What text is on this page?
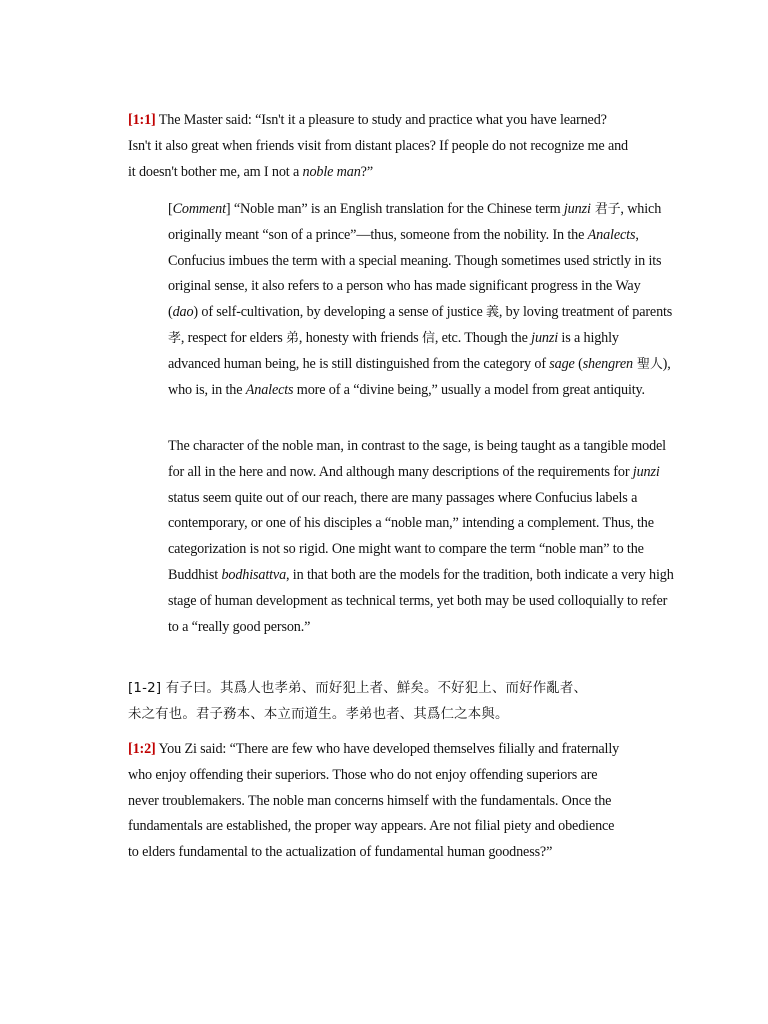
[1:1] The Master said: “Isn't it a pleasure to study and practice what you have learned? Isn't it also great when friends visit from distant places? If people do not recognize me and it doesn't bother me, am I not a noble man?”

[Comment] “Noble man” is an English translation for the Chinese term junzi 君子, which originally meant “son of a prince”—thus, someone from the nobility. In the Analects, Confucius imbues the term with a special meaning. Though sometimes used strictly in its original sense, it also refers to a person who has made significant progress in the Way (dao) of self-cultivation, by developing a sense of justice 義, by loving treatment of parents 孝, respect for elders 弟, honesty with friends 信, etc. Though the junzi is a highly advanced human being, he is still distinguished from the category of sage (shengren 聖人), who is, in the Analects more of a “divine being,” usually a model from great antiquity.

The character of the noble man, in contrast to the sage, is being taught as a tangible model for all in the here and now. And although many descriptions of the requirements for junzi status seem quite out of our reach, there are many passages where Confucius labels a contemporary, or one of his disciples a “noble man,” intending a complement. Thus, the categorization is not so rigid. One might want to compare the term “noble man” to the Buddhist bodhisattva, in that both are the models for the tradition, both indicate a very high stage of human development as technical terms, yet both may be used colloquially to refer to a “really good person.”

[1-2] 有子曰。其爲人也孝弟、而好犯上者、鮮矣。不好犯上、而好作亂者、

未之有也。君子務本、本立而道生。孝弟也者、其爲仁之本與。

[1:2] You Zi said: “There are few who have developed themselves filially and fraternally who enjoy offending their superiors. Those who do not enjoy offending superiors are never troublemakers. The noble man concerns himself with the fundamentals. Once the fundamentals are established, the proper way appears. Are not filial piety and obedience to elders fundamental to the actualization of fundamental human goodness?”
